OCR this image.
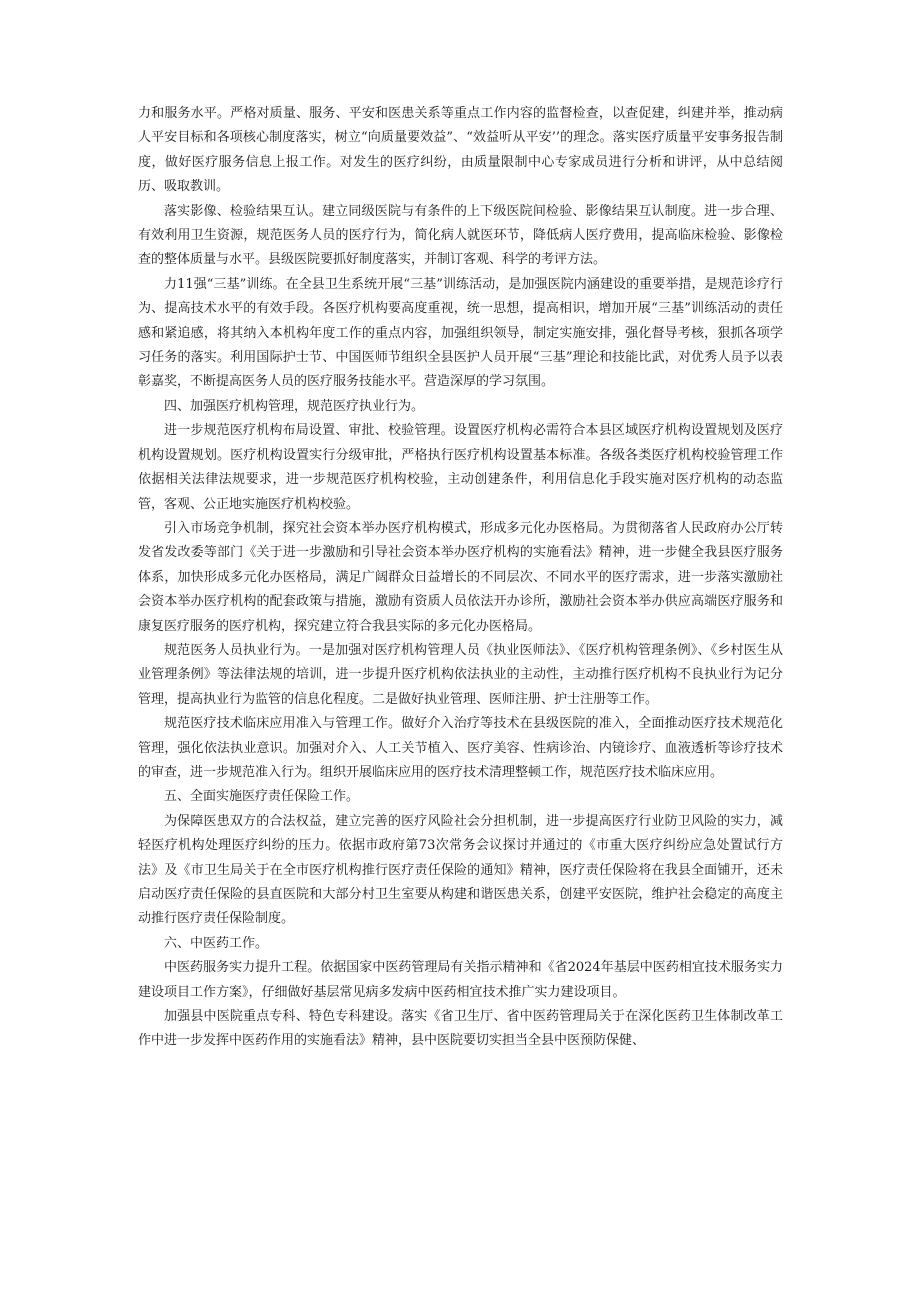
力和服务水平。严格对质量、服务、平安和医患关系等重点工作内容的监督检查，以查促建，纠建并举，推动病人平安目标和各项核心制度落实，树立“向质量要效益”、“效益听从平安’’的理念。落实医疗质量平安事务报告制度，做好医疗服务信息上报工作。对发生的医疗纠纷，由质量限制中心专家成员进行分析和讲评，从中总结阅历、吸取教训。

落实影像、检验结果互认。建立同级医院与有条件的上下级医院间检验、影像结果互认制度。进一步合理、有效利用卫生资源，规范医务人员的医疗行为，简化病人就医环节，降低病人医疗费用，提高临床检验、影像检查的整体质量与水平。县级医院要抓好制度落实，并制订客观、科学的考评方法。

力11强“三基”训练。在全县卫生系统开展“三基”训练活动，是加强医院内涵建设的重要举措，是规范诊疗行为、提高技术水平的有效手段。各医疗机构要高度重视，统一思想，提高相识，增加开展“三基”训练活动的责任感和紧追感，将其纳入本机构年度工作的重点内容，加强组织领导，制定实施安排，强化督导考核，狠抓各项学习任务的落实。利用国际护士节、中国医师节组织全县医护人员开展“三基”理论和技能比武，对优秀人员予以表彰嘉奖，不断提高医务人员的医疗服务技能水平。营造深厚的学习氛围。

四、加强医疗机构管理，规范医疗执业行为。

进一步规范医疗机构布局设置、审批、校验管理。设置医疗机构必需符合本县区域医疗机构设置规划及医疗机构设置规划。医疗机构设置实行分级审批，严格执行医疗机构设置基本标准。各级各类医疗机构校验管理工作依据相关法律法规要求，进一步规范医疗机构校验，主动创建条件，利用信息化手段实施对医疗机构的动态监管，客观、公正地实施医疗机构校验。

引入市场竞争机制，探究社会资本举办医疗机构模式，形成多元化办医格局。为贯彻落省人民政府办公厅转发省发改委等部门《关于进一步激励和引导社会资本举办医疗机构的实施看法》精神，进一步健全我县医疗服务体系，加快形成多元化办医格局，满足广阔群众日益增长的不同层次、不同水平的医疗需求，进一步落实激励社会资本举办医疗机构的配套政策与措施，激励有资质人员依法开办诊所，激励社会资本举办供应高端医疗服务和康复医疗服务的医疗机构，探究建立符合我县实际的多元化办医格局。

规范医务人员执业行为。一是加强对医疗机构管理人员《执业医师法》、《医疗机构管理条例》、《乡村医生从业管理条例》等法律法规的培训，进一步提升医疗机构依法执业的主动性，主动推行医疗机构不良执业行为记分管理，提高执业行为监管的信息化程度。二是做好执业管理、医师注册、护士注册等工作。

规范医疗技术临床应用准入与管理工作。做好介入治疗等技术在县级医院的准入，全面推动医疗技术规范化管理，强化依法执业意识。加强对介入、人工关节植入、医疗美容、性病诊治、内镜诊疗、血液透析等诊疗技术的审查，进一步规范准入行为。组织开展临床应用的医疗技术清理整顿工作，规范医疗技术临床应用。

五、全面实施医疗责任保险工作。

为保障医患双方的合法权益，建立完善的医疗风险社会分担机制，进一步提高医疗行业防卫风险的实力，减轻医疗机构处理医疗纠纷的压力。依据市政府第73次常务会议探讨并通过的《市重大医疗纠纷应急处置试行方法》及《市卫生局关于在全市医疗机构推行医疗责任保险的通知》精神，医疗责任保险将在我县全面铺开，还未启动医疗责任保险的县直医院和大部分村卫生室要从构建和谐医患关系，创建平安医院，维护社会稳定的高度主动推行医疗责任保险制度。

六、中医药工作。

中医药服务实力提升工程。依据国家中医药管理局有关指示精神和《省2024年基层中医药相宜技术服务实力建设项目工作方案》，仔细做好基层常见病多发病中医药相宜技术推广实力建设项目。

加强县中医院重点专科、特色专科建设。落实《省卫生厅、省中医药管理局关于在深化医药卫生体制改革工作中进一步发挥中医药作用的实施看法》精神，县中医院要切实担当全县中医预防保健、
